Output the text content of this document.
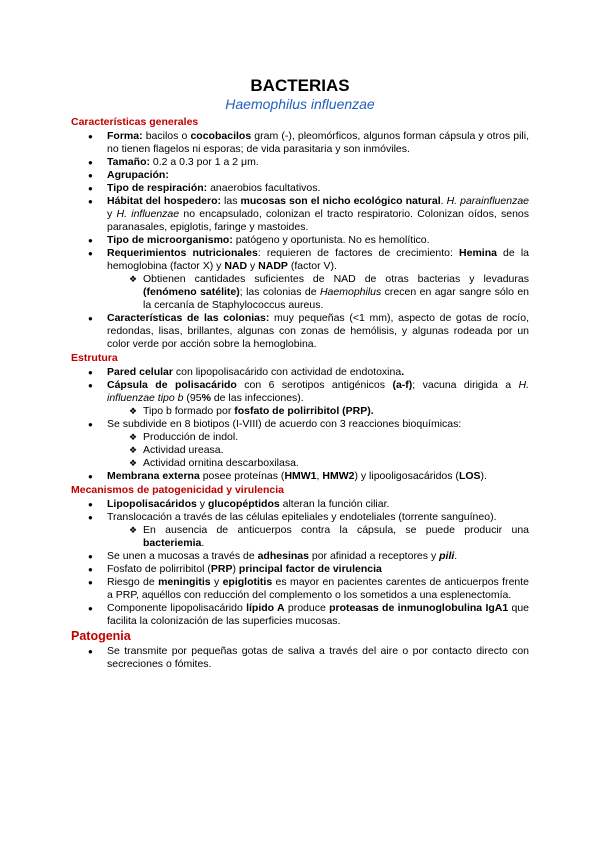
BACTERIAS
Haemophilus influenzae
Características generales
● Forma: bacilos o cocobacilos gram (-), pleomórficos, algunos forman cápsula y otros pili, no tienen flagelos ni esporas; de vida parasitaria y son inmóviles.
● Tamaño: 0.2 a 0.3 por 1 a 2 μm.
● Agrupación:
● Tipo de respiración: anaerobios facultativos.
● Hábitat del hospedero: las mucosas son el nicho ecológico natural. H. parainfluenzae y H. influenzae no encapsulado, colonizan el tracto respiratorio. Colonizan oídos, senos paranasales, epiglotis, faringe y mastoides.
● Tipo de microorganismo: patógeno y oportunista. No es hemolítico.
● Requerimientos nutricionales: requieren de factores de crecimiento: Hemina de la hemoglobina (factor X) y NAD y NADP (factor V).
❖ Obtienen cantidades suficientes de NAD de otras bacterias y levaduras (fenómeno satélite); las colonias de Haemophilus crecen en agar sangre sólo en la cercanía de Staphylococcus aureus.
● Características de las colonias: muy pequeñas (<1 mm), aspecto de gotas de rocío, redondas, lisas, brillantes, algunas con zonas de hemólisis, y algunas rodeada por un color verde por acción sobre la hemoglobina.
Estrutura
● Pared celular con lipopolisacárido con actividad de endotoxina.
● Cápsula de polisacárido con 6 serotipos antigénicos (a-f); vacuna dirigida a H. influenzae tipo b (95% de las infecciones).
❖ Tipo b formado por fosfato de polirribitol (PRP).
● Se subdivide en 8 biotipos (I-VIII) de acuerdo con 3 reacciones bioquímicas:
❖ Producción de indol.
❖ Actividad ureasa.
❖ Actividad ornitina descarboxilasa.
● Membrana externa posee proteínas (HMW1, HMW2) y lipooligosacáridos (LOS).
Mecanismos de patogenicidad y virulencia
● Lipopolisacáridos y glucopéptidos alteran la función ciliar.
● Translocación a través de las células epiteliales y endoteliales (torrente sanguíneo).
❖ En ausencia de anticuerpos contra la cápsula, se puede producir una bacteriemia.
● Se unen a mucosas a través de adhesinas por afinidad a receptores y pili.
● Fosfato de polirribitol (PRP) principal factor de virulencia
● Riesgo de meningitis y epiglotitis es mayor en pacientes carentes de anticuerpos frente a PRP, aquéllos con reducción del complemento o los sometidos a una esplenectomía.
● Componente lipopolisacárido lípido A produce proteasas de inmunoglobulina IgA1 que facilita la colonización de las superficies mucosas.
Patogenia
● Se transmite por pequeñas gotas de saliva a través del aire o por contacto directo con secreciones o fómites.
